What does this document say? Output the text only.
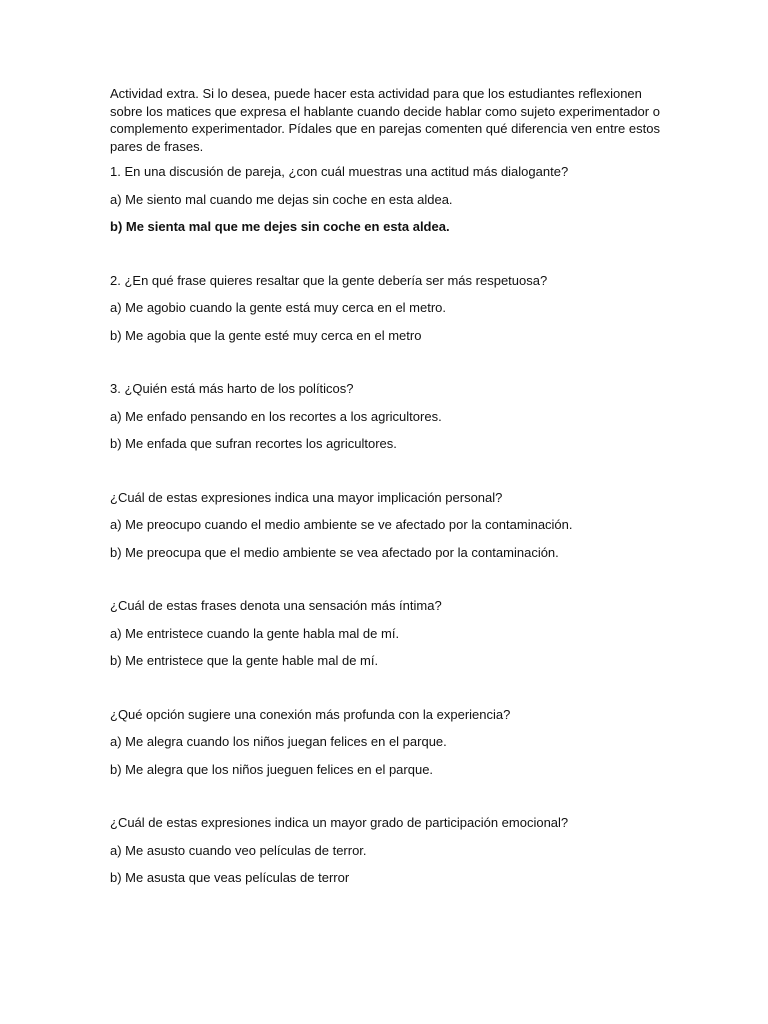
Actividad extra. Si lo desea, puede hacer esta actividad para que los estudiantes reflexionen sobre los matices que expresa el hablante cuando decide hablar como sujeto experimentador o complemento experimentador. Pídales que en parejas comenten qué diferencia ven entre estos pares de frases.

1. En una discusión de pareja, ¿con cuál muestras una actitud más dialogante?
a) Me siento mal cuando me dejas sin coche en esta aldea.
b) Me sienta mal que me dejes sin coche en esta aldea.
2. ¿En qué frase quieres resaltar que la gente debería ser más respetuosa?
a) Me agobio cuando la gente está muy cerca en el metro.
b) Me agobia que la gente esté muy cerca en el metro
3. ¿Quién está más harto de los políticos?
a) Me enfado pensando en los recortes a los agricultores.
b) Me enfada que sufran recortes los agricultores.
¿Cuál de estas expresiones indica una mayor implicación personal?
a) Me preocupo cuando el medio ambiente se ve afectado por la contaminación.
b) Me preocupa que el medio ambiente se vea afectado por la contaminación.
¿Cuál de estas frases denota una sensación más íntima?
a) Me entristece cuando la gente habla mal de mí.
b) Me entristece que la gente hable mal de mí.
¿Qué opción sugiere una conexión más profunda con la experiencia?
a) Me alegra cuando los niños juegan felices en el parque.
b) Me alegra que los niños jueguen felices en el parque.
¿Cuál de estas expresiones indica un mayor grado de participación emocional?
a) Me asusto cuando veo películas de terror.
b) Me asusta que veas películas de terror
